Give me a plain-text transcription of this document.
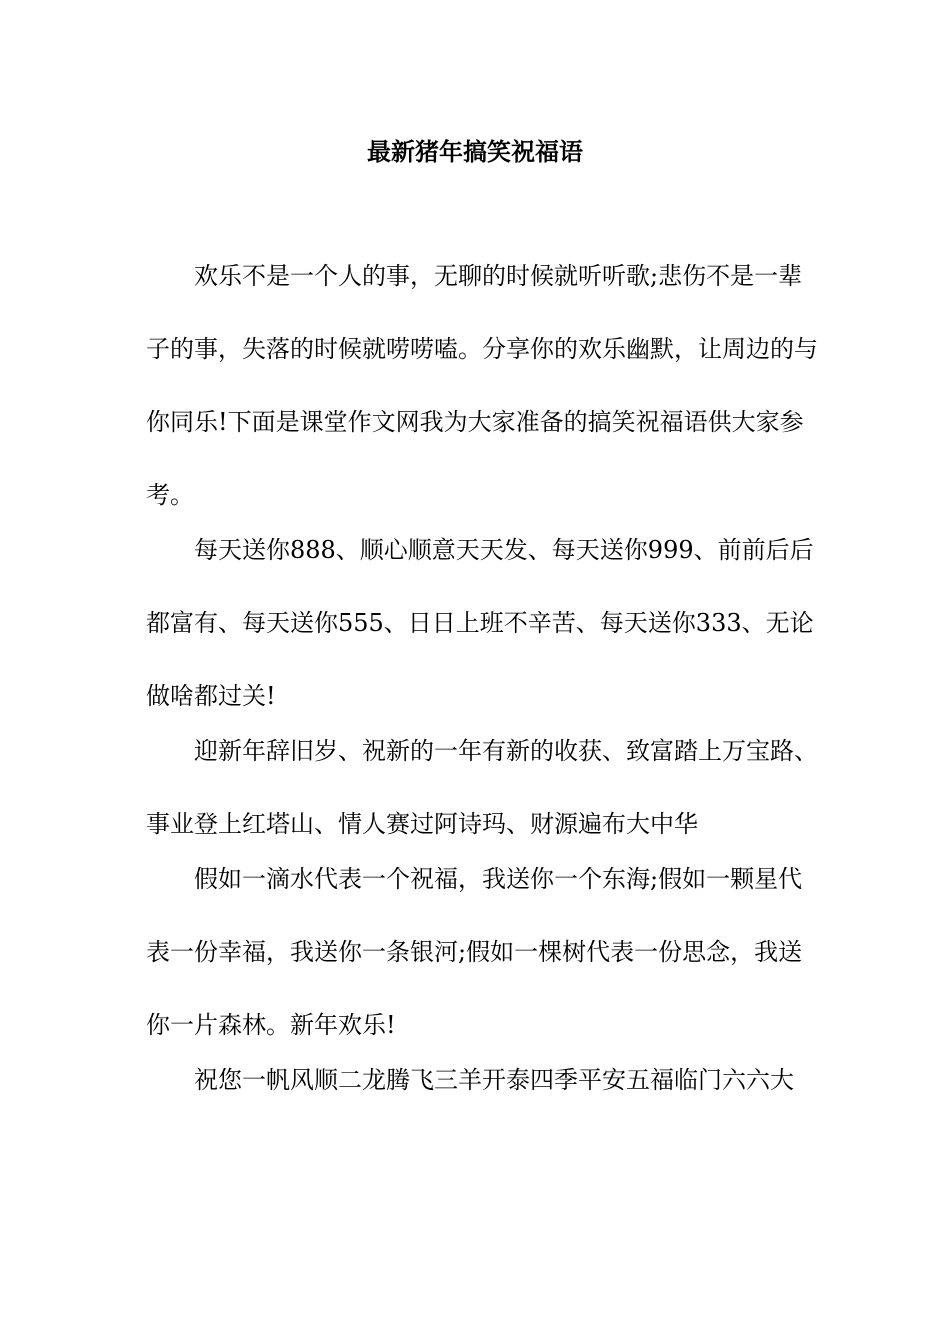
最新猪年搞笑祝福语

欢乐不是一个人的事，无聊的时候就听听歌;悲伤不是一辈子的事，失落的时候就唠唠嗑。分享你的欢乐幽默，让周边的与你同乐!下面是课堂作文网我为大家准备的搞笑祝福语供大家参考。

每天送你888、顺心顺意天天发、每天送你999、前前后后都富有、每天送你555、日日上班不辛苦、每天送你333、无论做啥都过关!

迎新年辞旧岁、祝新的一年有新的收获、致富踏上万宝路、事业登上红塔山、情人赛过阿诗玛、财源遍布大中华

假如一滴水代表一个祝福，我送你一个东海;假如一颗星代表一份幸福，我送你一条银河;假如一棵树代表一份思念，我送你一片森林。新年欢乐!

祝您一帆风顺二龙腾飞三羊开泰四季平安五福临门六六大
